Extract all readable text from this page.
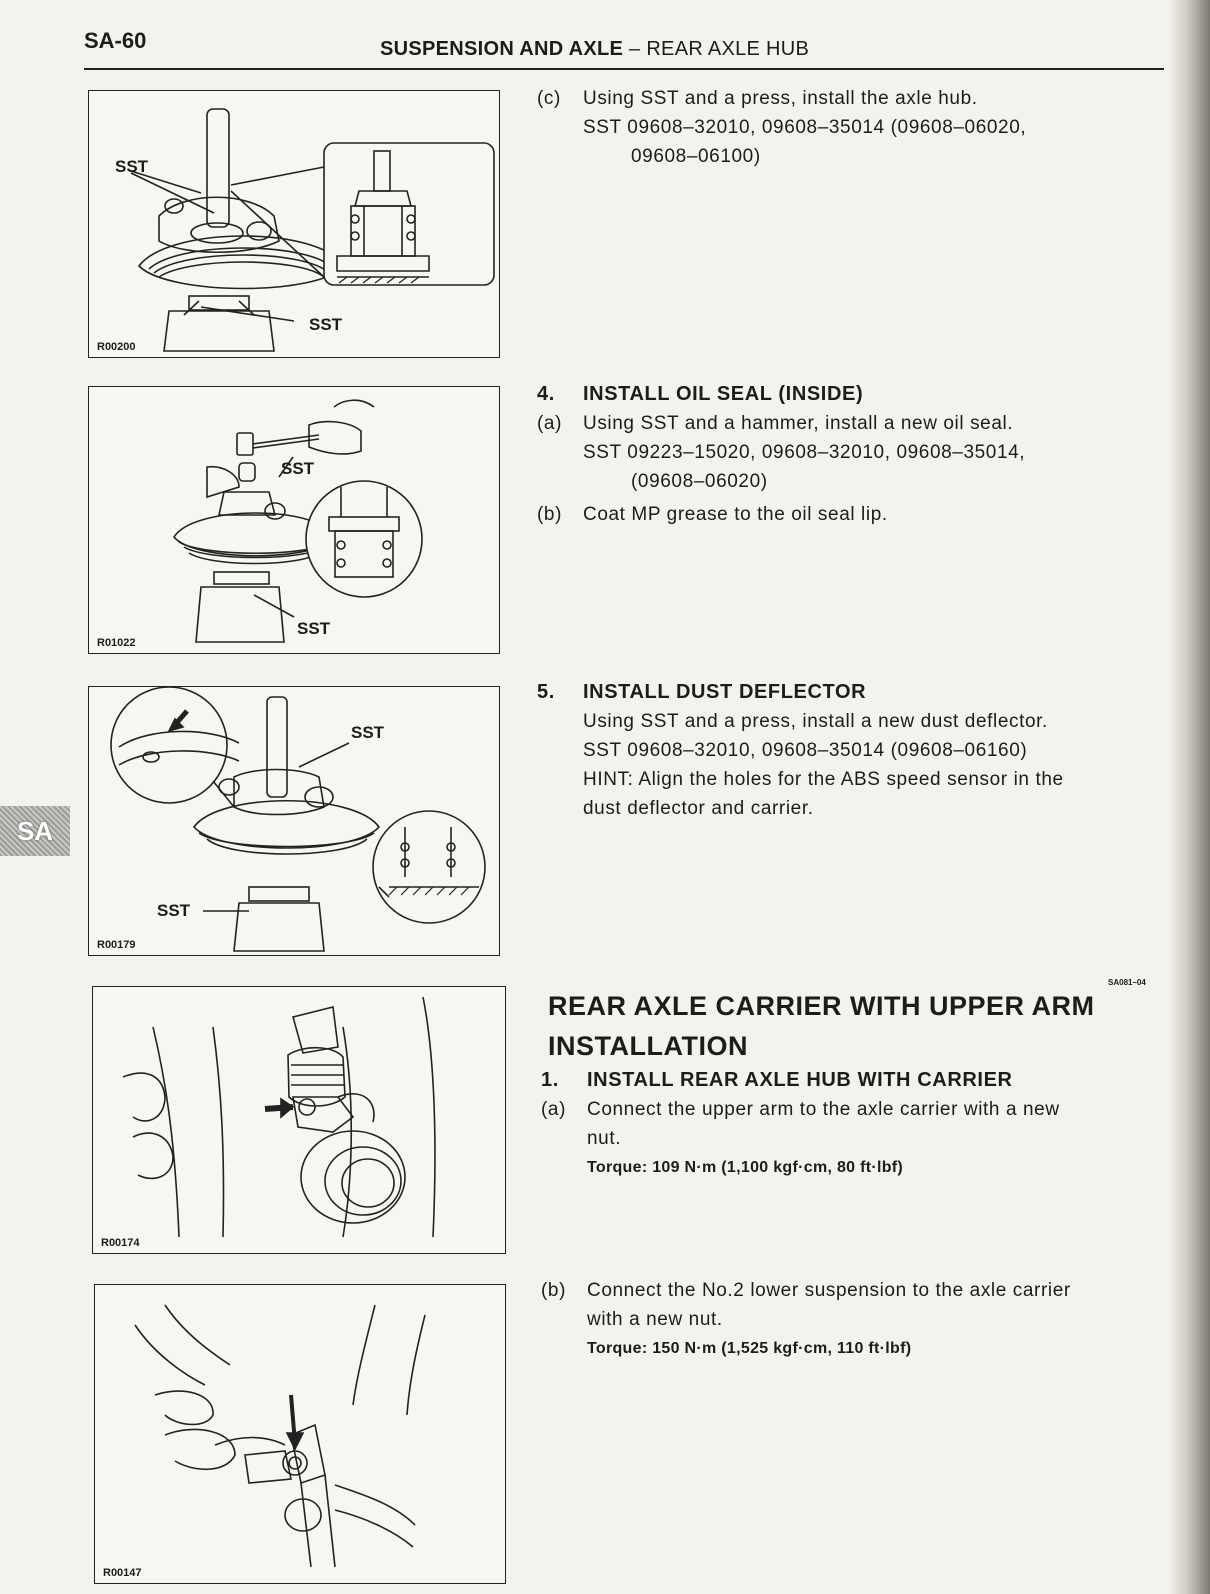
SA-60	SUSPENSION AND AXLE – REAR AXLE HUB
SA
SST
SST
R00200
(c)	Using SST and a press, install the axle hub.
SST 09608–32010, 09608–35014 (09608–06020,
09608–06100)
SST
SST
R01022
4.	INSTALL OIL SEAL (INSIDE)
(a)	Using SST and a hammer, install a new oil seal.
SST 09223–15020, 09608–32010, 09608–35014,
(09608–06020)
(b)	Coat MP grease to the oil seal lip.
SST
SST
R00179
5.	INSTALL DUST DEFLECTOR
Using SST and a press, install a new dust deflector.
SST 09608–32010, 09608–35014 (09608–06160)
HINT: Align the holes for the ABS speed sensor in the
dust deflector and carrier.
SA081–04
REAR AXLE CARRIER WITH UPPER ARM
INSTALLATION
R00174
1.	INSTALL REAR AXLE HUB WITH CARRIER
(a)	Connect the upper arm to the axle carrier with a new
nut.
Torque: 109 N·m (1,100 kgf·cm, 80 ft·lbf)
R00147
(b)	Connect the No.2 lower suspension to the axle carrier
with a new nut.
Torque: 150 N·m (1,525 kgf·cm, 110 ft·lbf)
